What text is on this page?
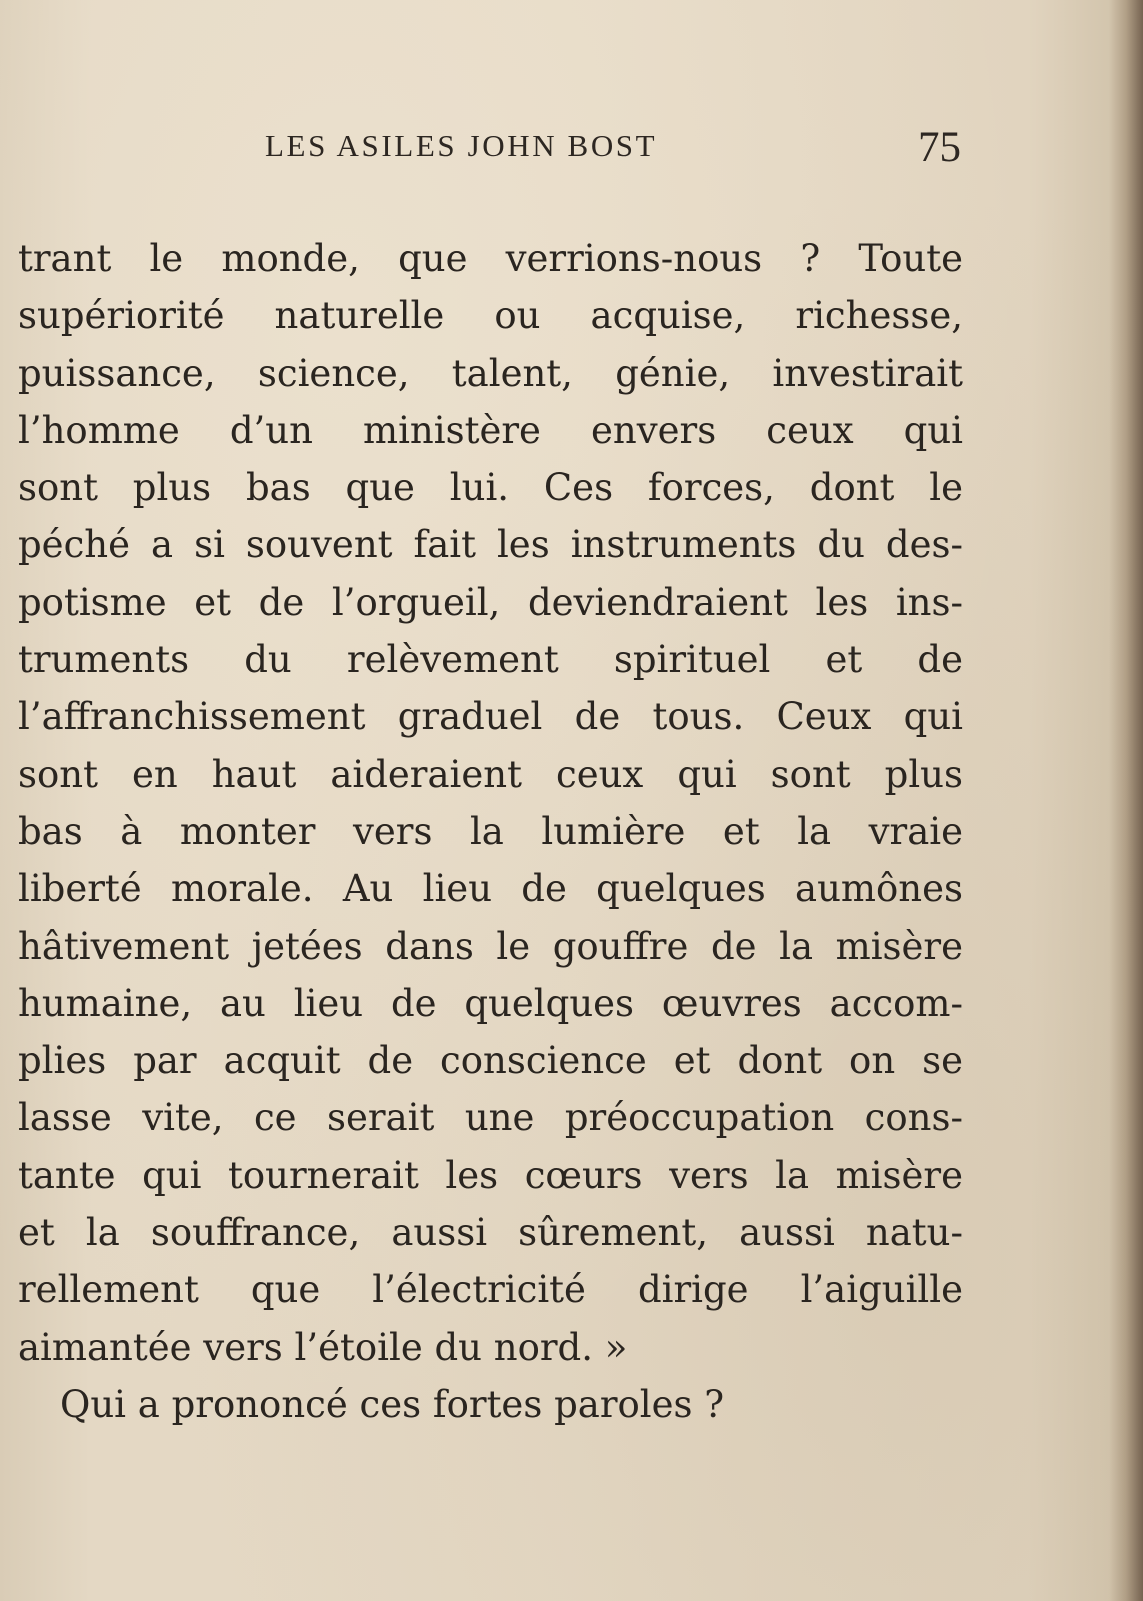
LES ASILES JOHN BOST	75
trant le monde, que verrions-nous ? Toute
supériorité naturelle ou acquise, richesse,
puissance, science, talent, génie, investirait
l’homme d’un ministère envers ceux qui
sont plus bas que lui. Ces forces, dont le
péché a si souvent fait les instruments du des-
potisme et de l’orgueil, deviendraient les ins-
truments du relèvement spirituel et de
l’affranchissement graduel de tous. Ceux qui
sont en haut aideraient ceux qui sont plus
bas à monter vers la lumière et la vraie
liberté morale. Au lieu de quelques aumônes
hâtivement jetées dans le gouffre de la misère
humaine, au lieu de quelques œuvres accom-
plies par acquit de conscience et dont on se
lasse vite, ce serait une préoccupation cons-
tante qui tournerait les cœurs vers la misère
et la souffrance, aussi sûrement, aussi natu-
rellement que l’électricité dirige l’aiguille
aimantée vers l’étoile du nord. »
Qui a prononcé ces fortes paroles ?
